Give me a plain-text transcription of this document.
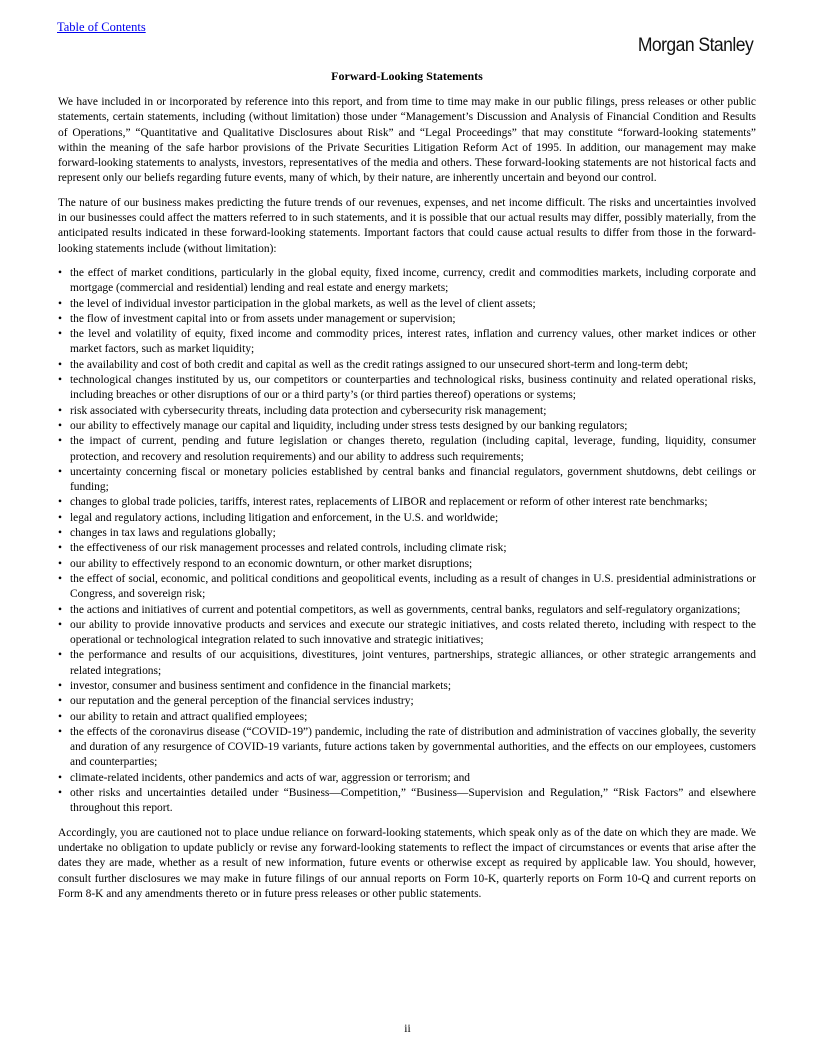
Table of Contents
Morgan Stanley
Forward-Looking Statements

We have included in or incorporated by reference into this report, and from time to time may make in our public filings, press releases or other public statements, certain statements, including (without limitation) those under “Management’s Discussion and Analysis of Financial Condition and Results of Operations,” “Quantitative and Qualitative Disclosures about Risk” and “Legal Proceedings” that may constitute “forward-looking statements” within the meaning of the safe harbor provisions of the Private Securities Litigation Reform Act of 1995. In addition, our management may make forward-looking statements to analysts, investors, representatives of the media and others. These forward-looking statements are not historical facts and represent only our beliefs regarding future events, many of which, by their nature, are inherently uncertain and beyond our control.

The nature of our business makes predicting the future trends of our revenues, expenses, and net income difficult. The risks and uncertainties involved in our businesses could affect the matters referred to in such statements, and it is possible that our actual results may differ, possibly materially, from the anticipated results indicated in these forward-looking statements. Important factors that could cause actual results to differ from those in the forward-looking statements include (without limitation):

• the effect of market conditions, particularly in the global equity, fixed income, currency, credit and commodities markets, including corporate and mortgage (commercial and residential) lending and real estate and energy markets;
• the level of individual investor participation in the global markets, as well as the level of client assets;
• the flow of investment capital into or from assets under management or supervision;
• the level and volatility of equity, fixed income and commodity prices, interest rates, inflation and currency values, other market indices or other market factors, such as market liquidity;
• the availability and cost of both credit and capital as well as the credit ratings assigned to our unsecured short-term and long-term debt;
• technological changes instituted by us, our competitors or counterparties and technological risks, business continuity and related operational risks, including breaches or other disruptions of our or a third party’s (or third parties thereof) operations or systems;
• risk associated with cybersecurity threats, including data protection and cybersecurity risk management;
• our ability to effectively manage our capital and liquidity, including under stress tests designed by our banking regulators;
• the impact of current, pending and future legislation or changes thereto, regulation (including capital, leverage, funding, liquidity, consumer protection, and recovery and resolution requirements) and our ability to address such requirements;
• uncertainty concerning fiscal or monetary policies established by central banks and financial regulators, government shutdowns, debt ceilings or funding;
• changes to global trade policies, tariffs, interest rates, replacements of LIBOR and replacement or reform of other interest rate benchmarks;
• legal and regulatory actions, including litigation and enforcement, in the U.S. and worldwide;
• changes in tax laws and regulations globally;
• the effectiveness of our risk management processes and related controls, including climate risk;
• our ability to effectively respond to an economic downturn, or other market disruptions;
• the effect of social, economic, and political conditions and geopolitical events, including as a result of changes in U.S. presidential administrations or Congress, and sovereign risk;
• the actions and initiatives of current and potential competitors, as well as governments, central banks, regulators and self-regulatory organizations;
• our ability to provide innovative products and services and execute our strategic initiatives, and costs related thereto, including with respect to the operational or technological integration related to such innovative and strategic initiatives;
• the performance and results of our acquisitions, divestitures, joint ventures, partnerships, strategic alliances, or other strategic arrangements and related integrations;
• investor, consumer and business sentiment and confidence in the financial markets;
• our reputation and the general perception of the financial services industry;
• our ability to retain and attract qualified employees;
• the effects of the coronavirus disease (“COVID-19”) pandemic, including the rate of distribution and administration of vaccines globally, the severity and duration of any resurgence of COVID-19 variants, future actions taken by governmental authorities, and the effects on our employees, customers and counterparties;
• climate-related incidents, other pandemics and acts of war, aggression or terrorism; and
• other risks and uncertainties detailed under “Business—Competition,” “Business—Supervision and Regulation,” “Risk Factors” and elsewhere throughout this report.

Accordingly, you are cautioned not to place undue reliance on forward-looking statements, which speak only as of the date on which they are made. We undertake no obligation to update publicly or revise any forward-looking statements to reflect the impact of circumstances or events that arise after the dates they are made, whether as a result of new information, future events or otherwise except as required by applicable law. You should, however, consult further disclosures we may make in future filings of our annual reports on Form 10-K, quarterly reports on Form 10-Q and current reports on Form 8-K and any amendments thereto or in future press releases or other public statements.

ii
